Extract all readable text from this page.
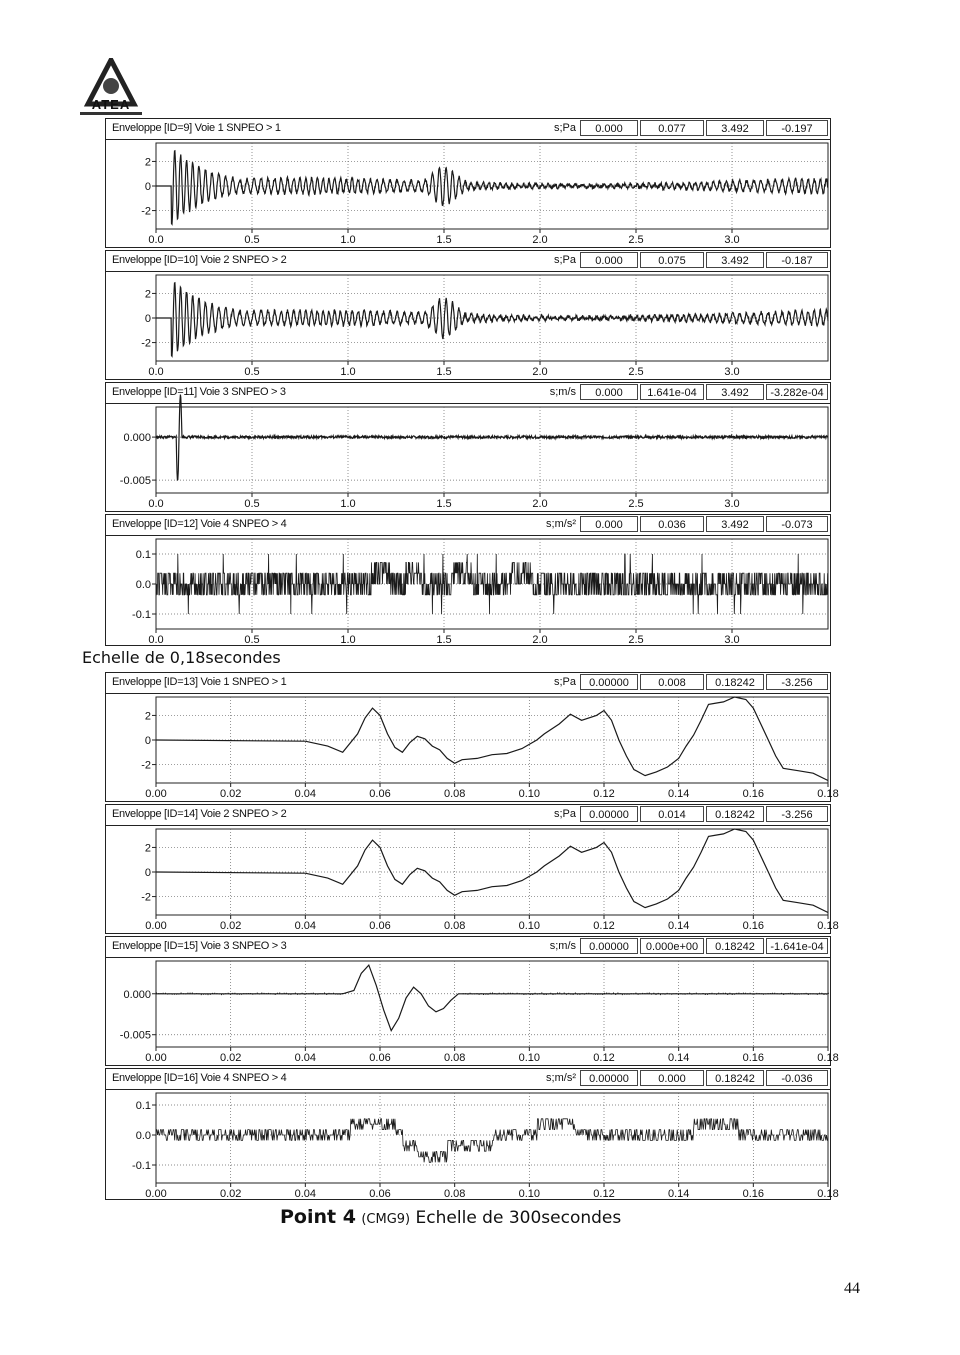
ATEA
Enveloppe [ID=9] Voie 1 SNPEO > 1	s;Pa	0.000	0.077	3.492	-0.197
0.0	0.5	1.0	1.5	2.0	2.5	3.0
2
0
-2
Enveloppe [ID=10] Voie 2 SNPEO > 2	s;Pa	0.000	0.075	3.492	-0.187
0.0	0.5	1.0	1.5	2.0	2.5	3.0
2
0
-2
Enveloppe [ID=11] Voie 3 SNPEO > 3	s;m/s	0.000	1.641e-04	3.492	-3.282e-04
0.0	0.5	1.0	1.5	2.0	2.5	3.0
0.000
-0.005
Enveloppe [ID=12] Voie 4 SNPEO > 4	s;m/s²	0.000	0.036	3.492	-0.073
0.0	0.5	1.0	1.5	2.0	2.5	3.0
0.1
0.0
-0.1
Echelle de 0,18secondes
Enveloppe [ID=13] Voie 1 SNPEO > 1	s;Pa	0.00000	0.008	0.18242	-3.256
0.00	0.02	0.04	0.06	0.08	0.10	0.12	0.14	0.16	0.18
2
0
-2
Enveloppe [ID=14] Voie 2 SNPEO > 2	s;Pa	0.00000	0.014	0.18242	-3.256
0.00	0.02	0.04	0.06	0.08	0.10	0.12	0.14	0.16	0.18
2
0
-2
Enveloppe [ID=15] Voie 3 SNPEO > 3	s;m/s	0.00000	0.000e+00	0.18242	-1.641e-04
0.00	0.02	0.04	0.06	0.08	0.10	0.12	0.14	0.16	0.18
0.000
-0.005
Enveloppe [ID=16] Voie 4 SNPEO > 4	s;m/s²	0.00000	0.000	0.18242	-0.036
0.00	0.02	0.04	0.06	0.08	0.10	0.12	0.14	0.16	0.18
0.1
0.0
-0.1
Point 4 (CMG9) Echelle de 300secondes
44
